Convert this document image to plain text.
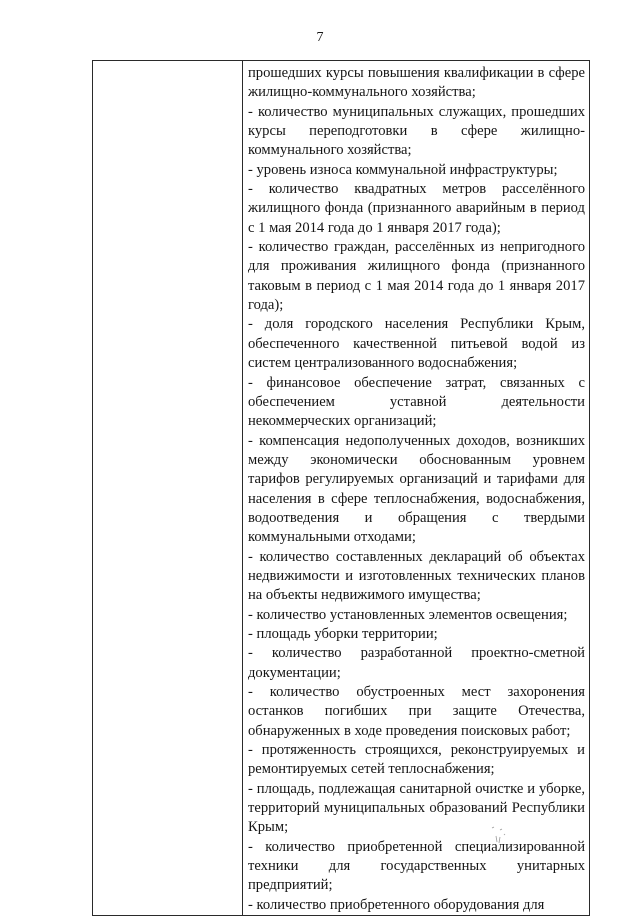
7

прошедших курсы повышения квалификации в сфере жилищно-коммунального хозяйства;

- количество муниципальных служащих, прошедших курсы переподготовки в сфере жилищно-коммунального хозяйства;

- уровень износа коммунальной инфраструктуры;

- количество квадратных метров расселённого жилищного фонда (признанного аварийным в период с 1 мая 2014 года до 1 января 2017 года);

- количество граждан, расселённых из непригодного для проживания жилищного фонда (признанного таковым в период с 1 мая 2014 года до 1 января 2017 года);

- доля городского населения Республики Крым, обеспеченного качественной питьевой водой из систем централизованного водоснабжения;

- финансовое обеспечение затрат, связанных с обеспечением уставной деятельности некоммерческих организаций;

- компенсация недополученных доходов, возникших между экономически обоснованным уровнем тарифов регулируемых организаций и тарифами для населения в сфере теплоснабжения, водоснабжения, водоотведения и обращения с твердыми коммунальными отходами;

- количество составленных деклараций об объектах недвижимости и изготовленных технических планов на объекты недвижимого имущества;

- количество установленных элементов освещения;

- площадь уборки территории;

- количество разработанной проектно-сметной документации;

- количество обустроенных мест захоронения останков погибших при защите Отечества, обнаруженных в ходе проведения поисковых работ;

- протяженность строящихся, реконструируемых и ремонтируемых сетей теплоснабжения;

- площадь, подлежащая санитарной очистке и уборке, территорий муниципальных образований Республики Крым;

- количество приобретенной специализированной техники для государственных унитарных предприятий;

- количество приобретенного оборудования для
